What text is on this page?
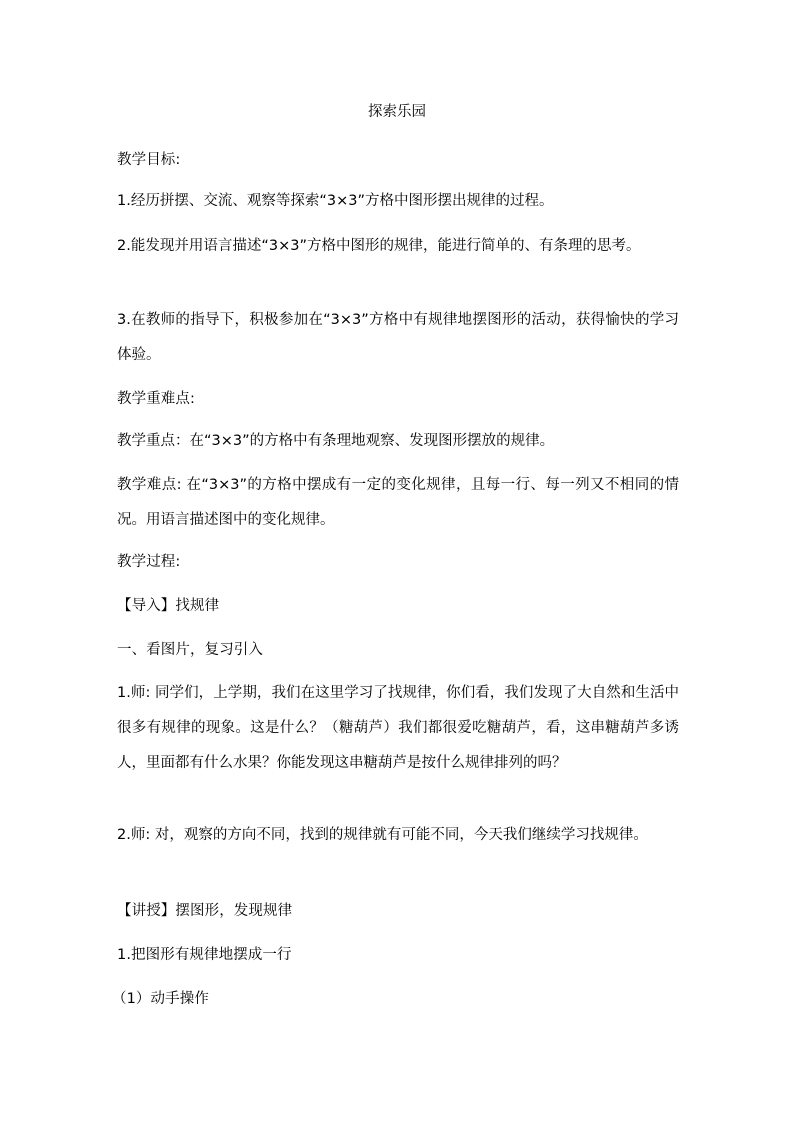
探索乐园
教学目标:
1.经历拼摆、交流、观察等探索“3×3”方格中图形摆出规律的过程。
2.能发现并用语言描述“3×3”方格中图形的规律，能进行简单的、有条理的思考。
3.在教师的指导下，积极参加在“3×3”方格中有规律地摆图形的活动，获得愉快的学习体验。
教学重难点:
教学重点：在“3×3”的方格中有条理地观察、发现图形摆放的规律。
教学难点: 在“3×3”的方格中摆成有一定的变化规律，且每一行、每一列又不相同的情况。用语言描述图中的变化规律。
教学过程:
【导入】找规律
一、看图片，复习引入
1.师: 同学们，上学期，我们在这里学习了找规律，你们看，我们发现了大自然和生活中很多有规律的现象。这是什么？（糖葫芦）我们都很爱吃糖葫芦，看，这串糖葫芦多诱人，里面都有什么水果？你能发现这串糖葫芦是按什么规律排列的吗？
2.师: 对，观察的方向不同，找到的规律就有可能不同，今天我们继续学习找规律。
【讲授】摆图形，发现规律
1.把图形有规律地摆成一行
（1）动手操作
